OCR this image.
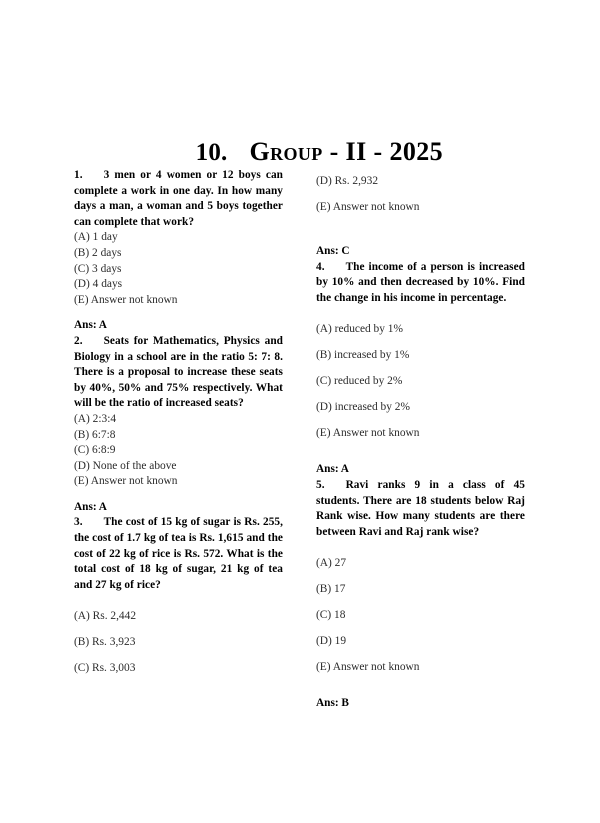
10. Group - II - 2025

1. 3 men or 4 women or 12 boys can complete a work in one day. In how many days a man, a woman and 5 boys together can complete that work?

(A) 1 day
(B) 2 days
(C) 3 days
(D) 4 days
(E) Answer not known
Ans: A

2. Seats for Mathematics, Physics and Biology in a school are in the ratio 5: 7: 8. There is a proposal to increase these seats by 40%, 50% and 75% respectively. What will be the ratio of increased seats?

(A) 2:3:4
(B) 6:7:8
(C) 6:8:9
(D) None of the above
(E) Answer not known
Ans: A

3. The cost of 15 kg of sugar is Rs. 255, the cost of 1.7 kg of tea is Rs. 1,615 and the cost of 22 kg of rice is Rs. 572. What is the total cost of 18 kg of sugar, 21 kg of tea and 27 kg of rice?

(A) Rs. 2,442
(B) Rs. 3,923
(C) Rs. 3,003
(D) Rs. 2,932
(E) Answer not known
Ans: C

4. The income of a person is increased by 10% and then decreased by 10%. Find the change in his income in percentage.

(A) reduced by 1%
(B) increased by 1%
(C) reduced by 2%
(D) increased by 2%
(E) Answer not known
Ans: A

5. Ravi ranks 9 in a class of 45 students. There are 18 students below Raj Rank wise. How many students are there between Ravi and Raj rank wise?

(A) 27
(B) 17
(C) 18
(D) 19
(E) Answer not known
Ans: B
